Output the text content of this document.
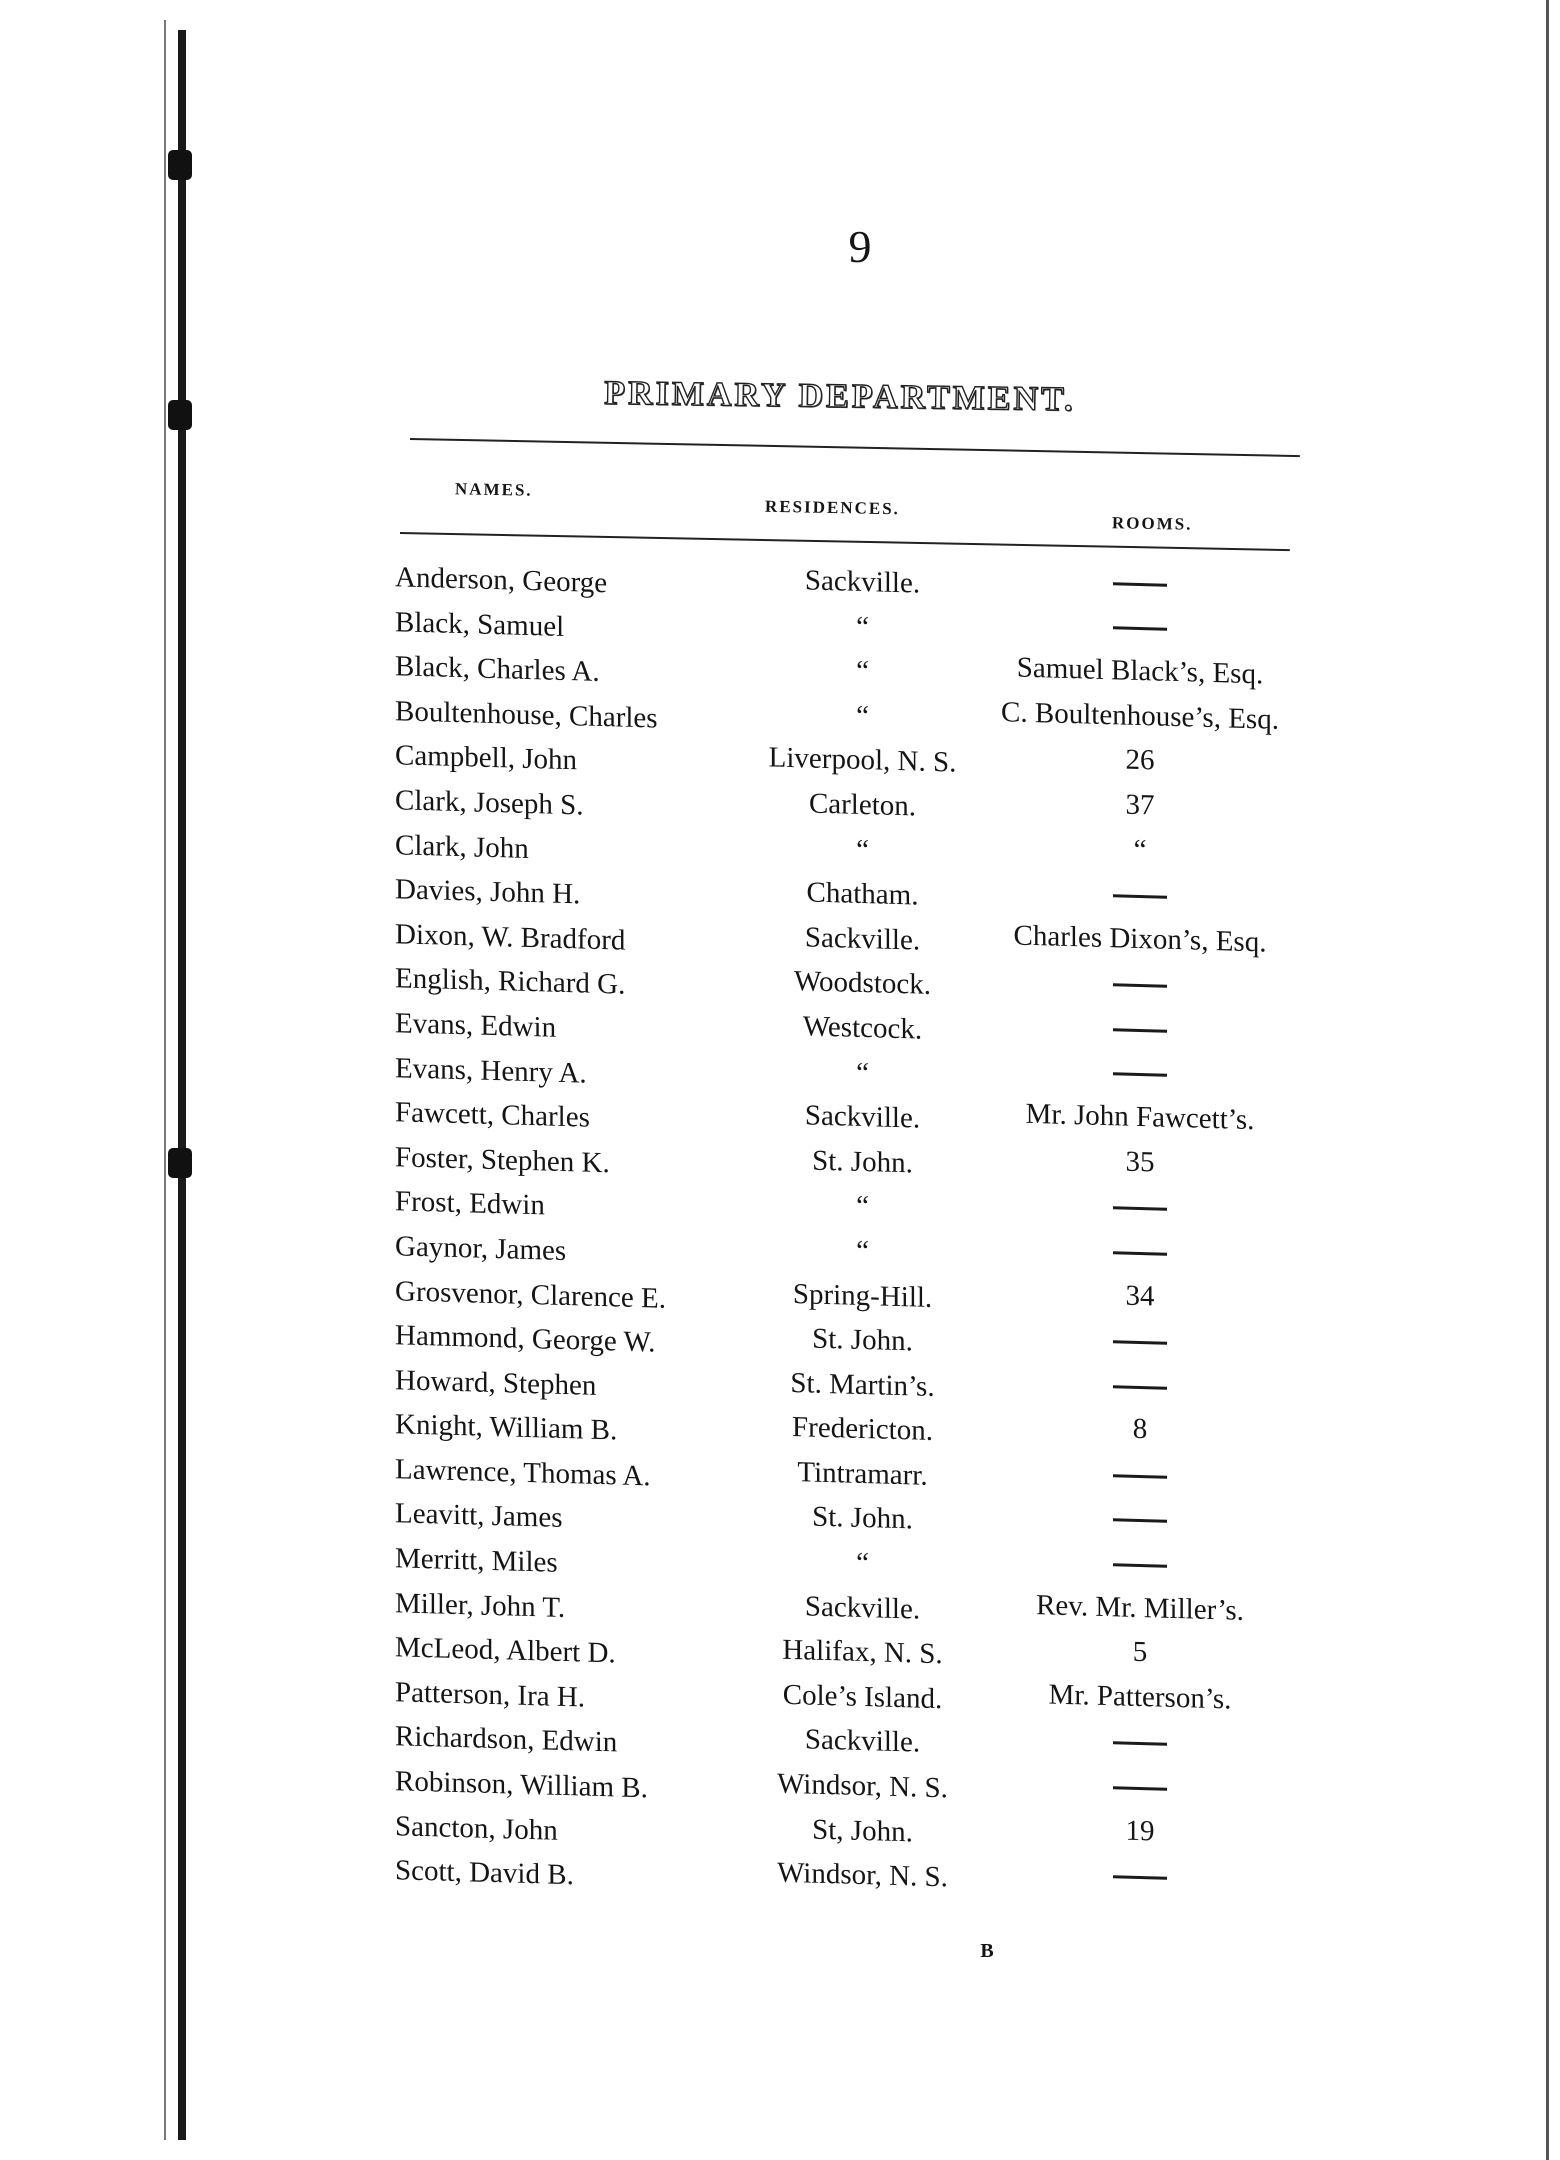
9
PRIMARY DEPARTMENT.
NAMES.
RESIDENCES.
ROOMS.
Anderson, George
Black, Samuel
Black, Charles A.
Boultenhouse, Charles
Campbell, John
Clark, Joseph S.
Clark, John
Davies, John H.
Dixon, W. Bradford
English, Richard G.
Evans, Edwin
Evans, Henry A.
Fawcett, Charles
Foster, Stephen K.
Frost, Edwin
Gaynor, James
Grosvenor, Clarence E.
Hammond, George W.
Howard, Stephen
Knight, William B.
Lawrence, Thomas A.
Leavitt, James
Merritt, Miles
Miller, John T.
McLeod, Albert D.
Patterson, Ira H.
Richardson, Edwin
Robinson, William B.
Sancton, John
Scott, David B.
Sackville.
“
“
“
Liverpool, N. S.
Carleton.
“
Chatham.
Sackville.
Woodstock.
Westcock.
“
Sackville.
St. John.
“
“
Spring-Hill.
St. John.
St. Martin’s.
Fredericton.
Tintramarr.
St. John.
“
Sackville.
Halifax, N. S.
Cole’s Island.
Sackville.
Windsor, N. S.
St, John.
Windsor, N. S.
Samuel Black’s, Esq.
C. Boultenhouse’s, Esq.
26
37
“
Charles Dixon’s, Esq.
Mr. John Fawcett’s.
35
34
8
Rev. Mr. Miller’s.
5
Mr. Patterson’s.
19
B
